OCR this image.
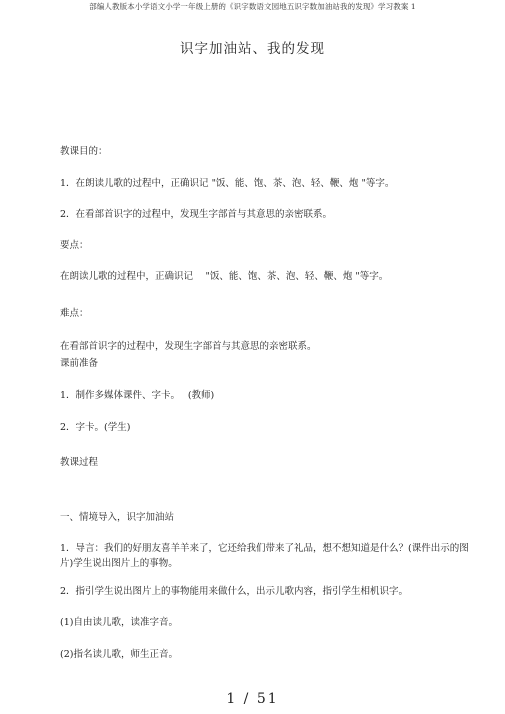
部编人教版本小学语文小学一年级上册的《识字数语文园地五识字数加油站我的发现》学习教案 1
识字加油站、我的发现
教课目的：
1．在朗读儿歌的过程中，正确识记 "饭、能、饱、茶、泡、轻、鞭、炮 "等字。
2．在看部首识字的过程中，发现生字部首与其意思的亲密联系。
要点：
在朗读儿歌的过程中，正确识记　 "饭、能、饱、茶、泡、轻、鞭、炮 "等字。
难点：
在看部首识字的过程中，发现生字部首与其意思的亲密联系。
课前准备
1．制作多媒体课件、字卡。　 (教师)
2．字卡。(学生)
教课过程
一、情境导入，识字加油站
1．导言：我们的好朋友喜羊羊来了，它还给我们带来了礼品，想不想知道是什么？(课件出示的图片)学生说出图片上的事物。
2．指引学生说出图片上的事物能用来做什么，出示儿歌内容，指引学生相机识字。
(1)自由读儿歌，读准字音。
(2)指名读儿歌，师生正音。
1 / 51
